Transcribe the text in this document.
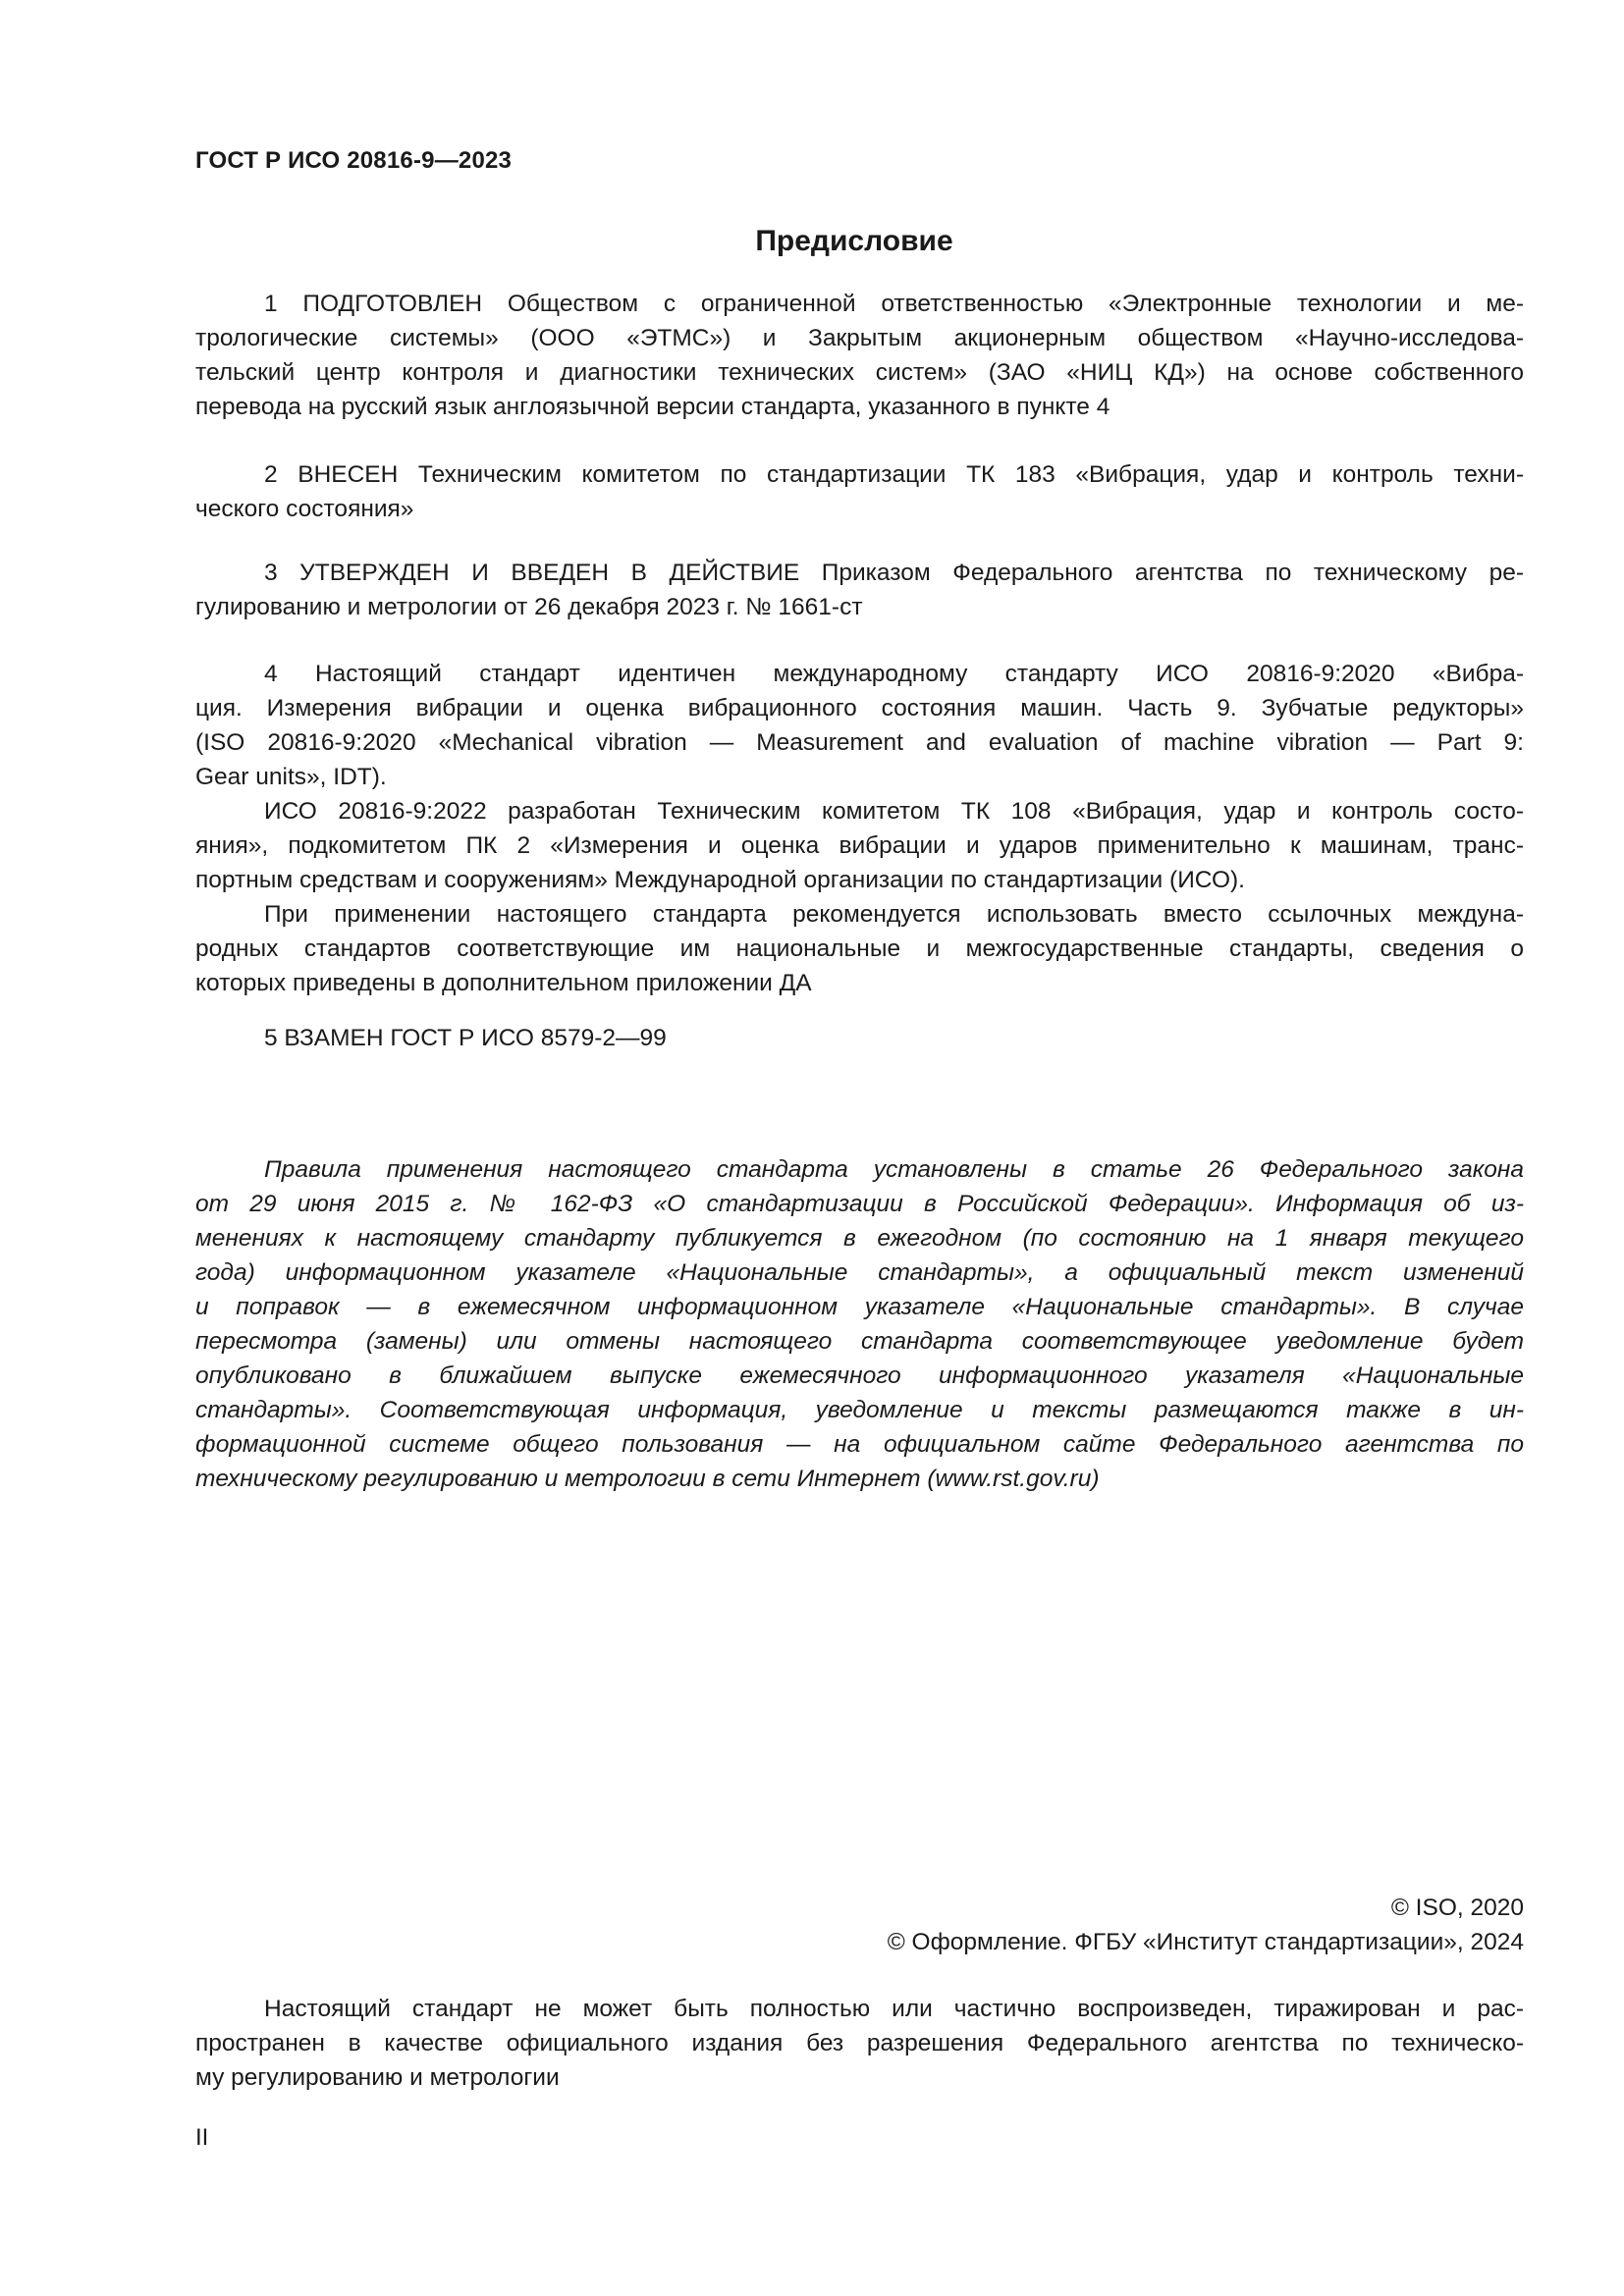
ГОСТ Р ИСО 20816-9—2023
Предисловие
1 ПОДГОТОВЛЕН Обществом с ограниченной ответственностью «Электронные технологии и ме-
трологические системы» (ООО «ЭТМС») и Закрытым акционерным обществом «Научно-исследова-
тельский центр контроля и диагностики технических систем» (ЗАО «НИЦ КД») на основе собственного
перевода на русский язык англоязычной версии стандарта, указанного в пункте 4
2 ВНЕСЕН Техническим комитетом по стандартизации ТК 183 «Вибрация, удар и контроль техни-
ческого состояния»
3 УТВЕРЖДЕН И ВВЕДЕН В ДЕЙСТВИЕ Приказом Федерального агентства по техническому ре-
гулированию и метрологии от 26 декабря 2023 г. № 1661-ст
4 Настоящий стандарт идентичен международному стандарту ИСО 20816-9:2020 «Вибра-
ция. Измерения вибрации и оценка вибрационного состояния машин. Часть 9. Зубчатые редукторы»
(ISO 20816-9:2020 «Mechanical vibration — Measurement and evaluation of machine vibration — Part 9:
Gear units», IDT).
ИСО 20816-9:2022 разработан Техническим комитетом ТК 108 «Вибрация, удар и контроль состо-
яния», подкомитетом ПК 2 «Измерения и оценка вибрации и ударов применительно к машинам, транс-
портным средствам и сооружениям» Международной организации по стандартизации (ИСО).
При применении настоящего стандарта рекомендуется использовать вместо ссылочных междуна-
родных стандартов соответствующие им национальные и межгосударственные стандарты, сведения о
которых приведены в дополнительном приложении ДА
5 ВЗАМЕН ГОСТ Р ИСО 8579-2—99
Правила применения настоящего стандарта установлены в статье 26 Федерального закона
от 29 июня 2015 г. № 162-ФЗ «О стандартизации в Российской Федерации». Информация об из-
менениях к настоящему стандарту публикуется в ежегодном (по состоянию на 1 января текущего
года) информационном указателе «Национальные стандарты», а официальный текст изменений
и поправок — в ежемесячном информационном указателе «Национальные стандарты». В случае
пересмотра (замены) или отмены настоящего стандарта соответствующее уведомление будет
опубликовано в ближайшем выпуске ежемесячного информационного указателя «Национальные
стандарты». Соответствующая информация, уведомление и тексты размещаются также в ин-
формационной системе общего пользования — на официальном сайте Федерального агентства по
техническому регулированию и метрологии в сети Интернет (www.rst.gov.ru)
© ISO, 2020
© Оформление. ФГБУ «Институт стандартизации», 2024
Настоящий стандарт не может быть полностью или частично воспроизведен, тиражирован и рас-
пространен в качестве официального издания без разрешения Федерального агентства по техническо-
му регулированию и метрологии
II
